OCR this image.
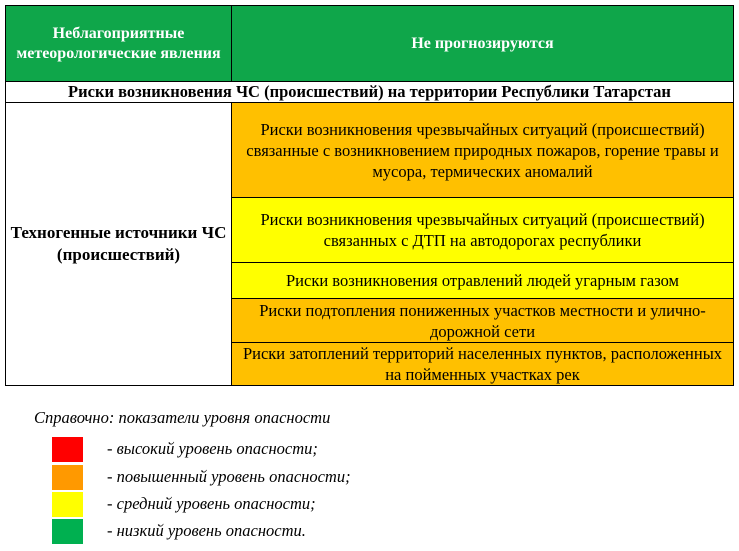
Неблагоприятные метеорологические явления	Не прогнозируются
Риски возникновения ЧС (происшествий) на территории Республики Татарстан	
Техногенные источники ЧС (происшествий)	Риски возникновения чрезвычайных ситуаций (происшествий) связанные с возникновением природных пожаров, горение травы и мусора, термических аномалий
	Риски возникновения чрезвычайных ситуаций (происшествий) связанных с ДТП на автодорогах республики
	Риски возникновения отравлений людей угарным газом
	Риски подтопления пониженных участков местности и улично-дорожной сети
	Риски затоплений территорий населенных пунктов, расположенных на пойменных участках рек
Справочно: показатели уровня опасности
- высокий уровень опасности;
- повышенный уровень опасности;
- средний уровень опасности;
- низкий уровень опасности.
